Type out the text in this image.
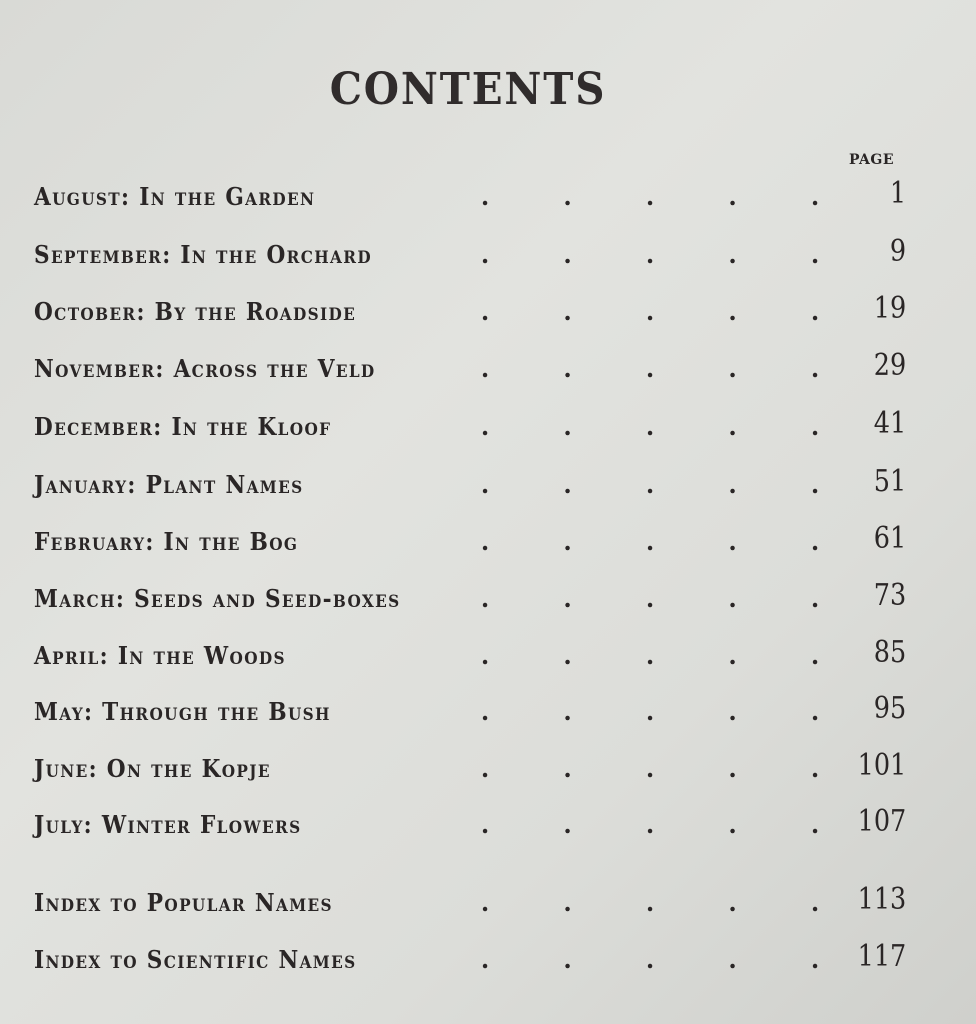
CONTENTS
PAGE
August: In the Garden	.	.	.	.	. 1
September: In the Orchard	.	.	.	.	. 9
October: By the Roadside	.	.	.	.	. 19
November: Across the Veld	.	.	.	.	. 29
December: In the Kloof	.	.	.	.	. 41
January: Plant Names	.	.	.	.	. 51
February: In the Bog	.	.	.	.	. 61
March: Seeds and Seed-boxes	.	.	.	.	. 73
April: In the Woods	.	.	.	.	. 85
May: Through the Bush	.	.	.	.	. 95
June: On the Kopje	.	.	.	.	. 101
July: Winter Flowers	.	.	.	.	. 107
Index to Popular Names	.	.	.	.	. 113
Index to Scientific Names	.	.	.	.	. 117
